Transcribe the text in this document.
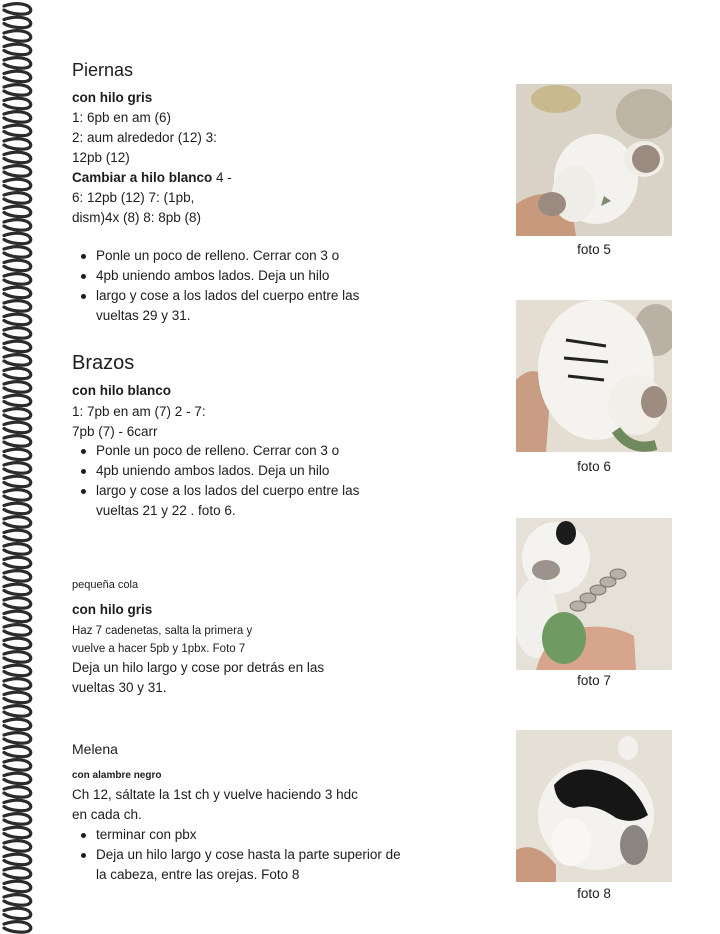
Piernas
con hilo gris

1: 6pb en am (6)

2: aum alrededor (12) 3:

12pb (12)

Cambiar a hilo blanco 4 -

6: 12pb (12) 7: (1pb,

dism)4x (8) 8: 8pb (8)

Ponle un poco de relleno. Cerrar con 3 o
4pb uniendo ambos lados. Deja un hilo
largo y cose a los lados del cuerpo entre las vueltas 29 y 31.
Brazos
con hilo blanco

1: 7pb en am (7) 2 - 7:

7pb (7) - 6carr

Ponle un poco de relleno. Cerrar con 3 o
4pb uniendo ambos lados. Deja un hilo
largo y cose a los lados del cuerpo entre las vueltas 21 y 22 . foto 6.
pequeña cola
con hilo gris

Haz 7 cadenetas, salta la primera y

vuelve a hacer 5pb y 1pbx. Foto 7

Deja un hilo largo y cose por detrás en las

vueltas 30 y 31.

Melena
con alambre negro

Ch 12, sáltate la 1st ch y vuelve haciendo 3 hdc

en cada ch.

terminar con pbx
Deja un hilo largo y cose hasta la parte superior de la cabeza, entre las orejas. Foto 8
foto 5
foto 6
foto 7
foto 8
